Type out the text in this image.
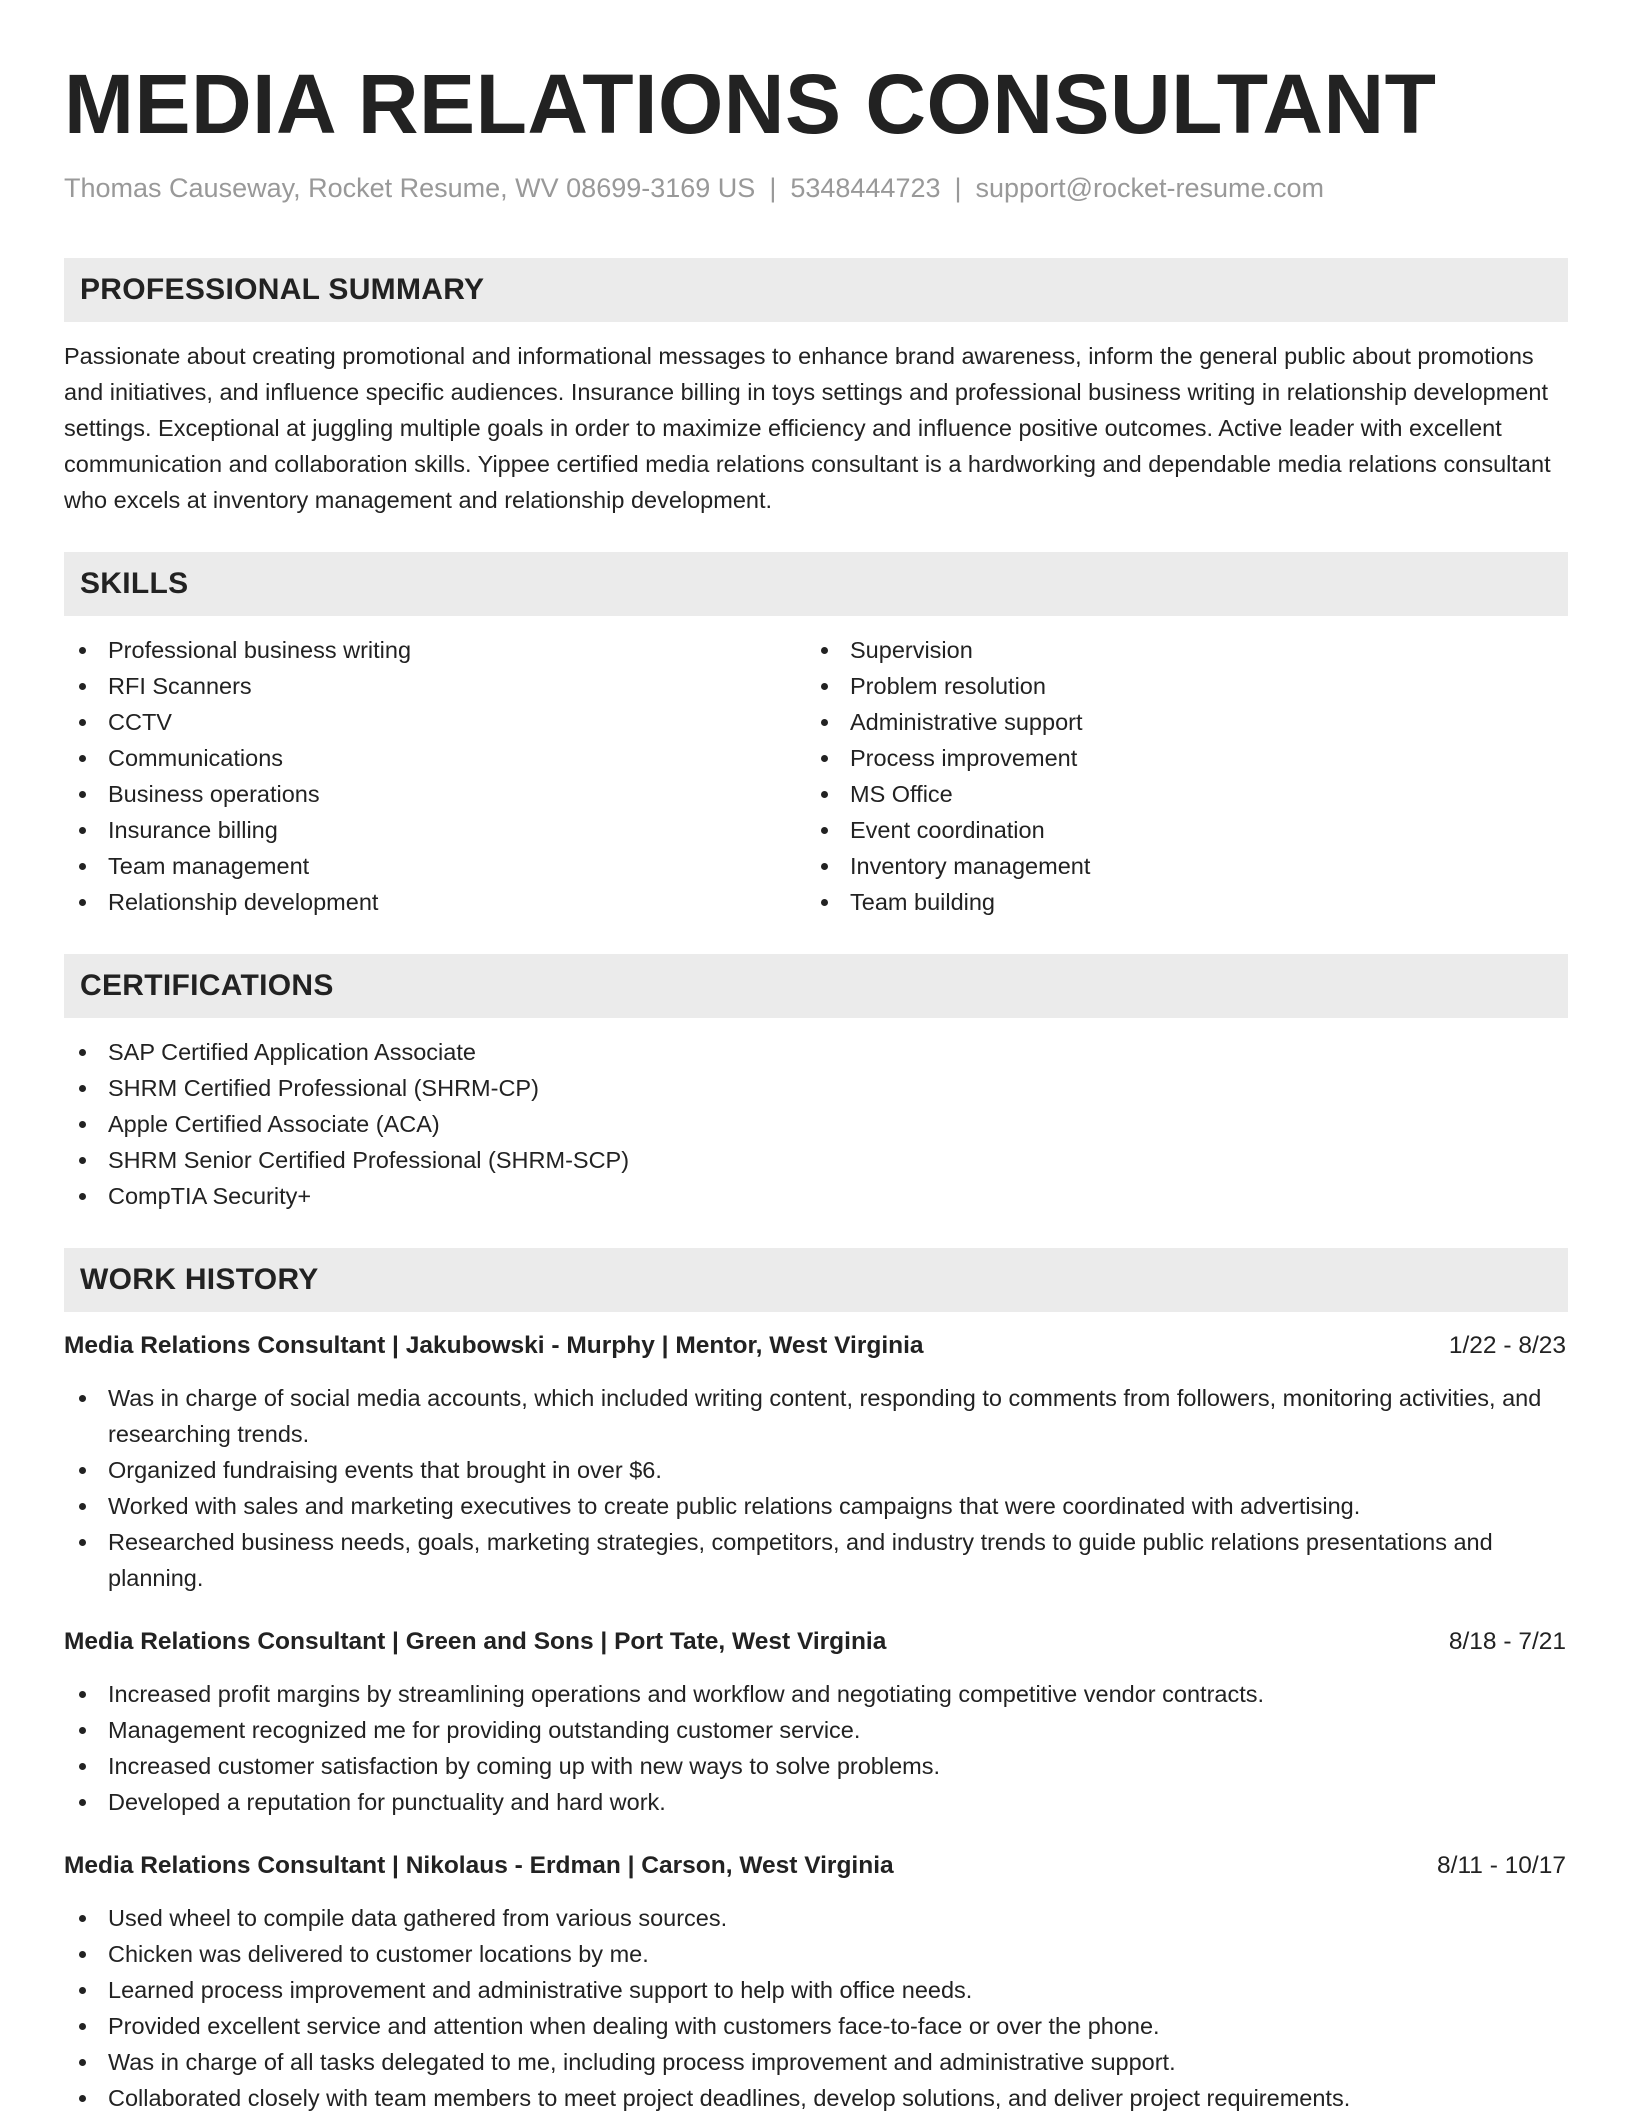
MEDIA RELATIONS CONSULTANT
Thomas Causeway, Rocket Resume, WV 08699-3169 US | 5348444723 | support@rocket-resume.com
PROFESSIONAL SUMMARY

Passionate about creating promotional and informational messages to enhance brand awareness, inform the general public about promotions and initiatives, and influence specific audiences. Insurance billing in toys settings and professional business writing in relationship development settings. Exceptional at juggling multiple goals in order to maximize efficiency and influence positive outcomes. Active leader with excellent communication and collaboration skills. Yippee certified media relations consultant is a hardworking and dependable media relations consultant who excels at inventory management and relationship development.

SKILLS
Professional business writing
RFI Scanners
CCTV
Communications
Business operations
Insurance billing
Team management
Relationship development
Supervision
Problem resolution
Administrative support
Process improvement
MS Office
Event coordination
Inventory management
Team building
CERTIFICATIONS
SAP Certified Application Associate
SHRM Certified Professional (SHRM-CP)
Apple Certified Associate (ACA)
SHRM Senior Certified Professional (SHRM-SCP)
CompTIA Security+
WORK HISTORY
Media Relations Consultant | Jakubowski - Murphy | Mentor, West Virginia	1/22 - 8/23
Was in charge of social media accounts, which included writing content, responding to comments from followers, monitoring activities, and researching trends.
Organized fundraising events that brought in over $6.
Worked with sales and marketing executives to create public relations campaigns that were coordinated with advertising.
Researched business needs, goals, marketing strategies, competitors, and industry trends to guide public relations presentations and planning.
Media Relations Consultant | Green and Sons | Port Tate, West Virginia	8/18 - 7/21
Increased profit margins by streamlining operations and workflow and negotiating competitive vendor contracts.
Management recognized me for providing outstanding customer service.
Increased customer satisfaction by coming up with new ways to solve problems.
Developed a reputation for punctuality and hard work.
Media Relations Consultant | Nikolaus - Erdman | Carson, West Virginia	8/11 - 10/17
Used wheel to compile data gathered from various sources.
Chicken was delivered to customer locations by me.
Learned process improvement and administrative support to help with office needs.
Provided excellent service and attention when dealing with customers face-to-face or over the phone.
Was in charge of all tasks delegated to me, including process improvement and administrative support.
Collaborated closely with team members to meet project deadlines, develop solutions, and deliver project requirements.
